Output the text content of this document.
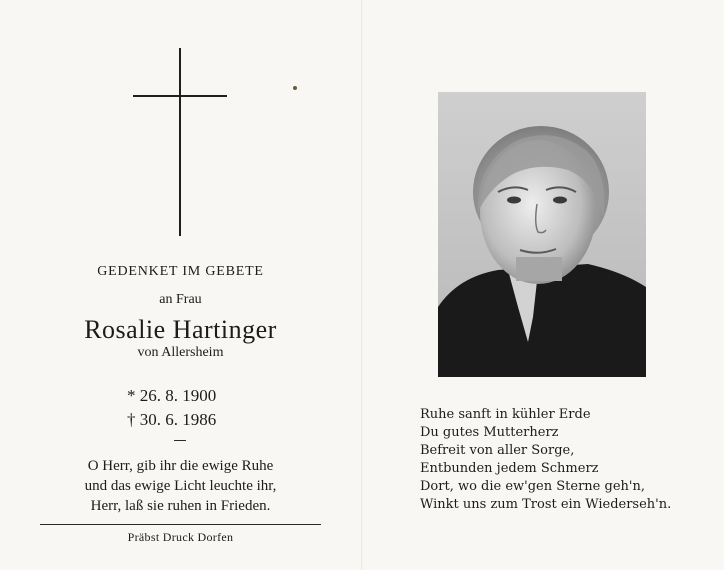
GEDENKET IM GEBETE
an Frau
Rosalie Hartinger
von Allersheim
* 26. 8. 1900
† 30. 6. 1986
O Herr, gib ihr die ewige Ruhe
und das ewige Licht leuchte ihr,
Herr, laß sie ruhen in Frieden.
Präbst Druck Dorfen
Ruhe sanft in kühler Erde
Du gutes Mutterherz
Befreit von aller Sorge,
Entbunden jedem Schmerz
Dort, wo die ew'gen Sterne geh'n,
Winkt uns zum Trost ein Wiederseh'n.
